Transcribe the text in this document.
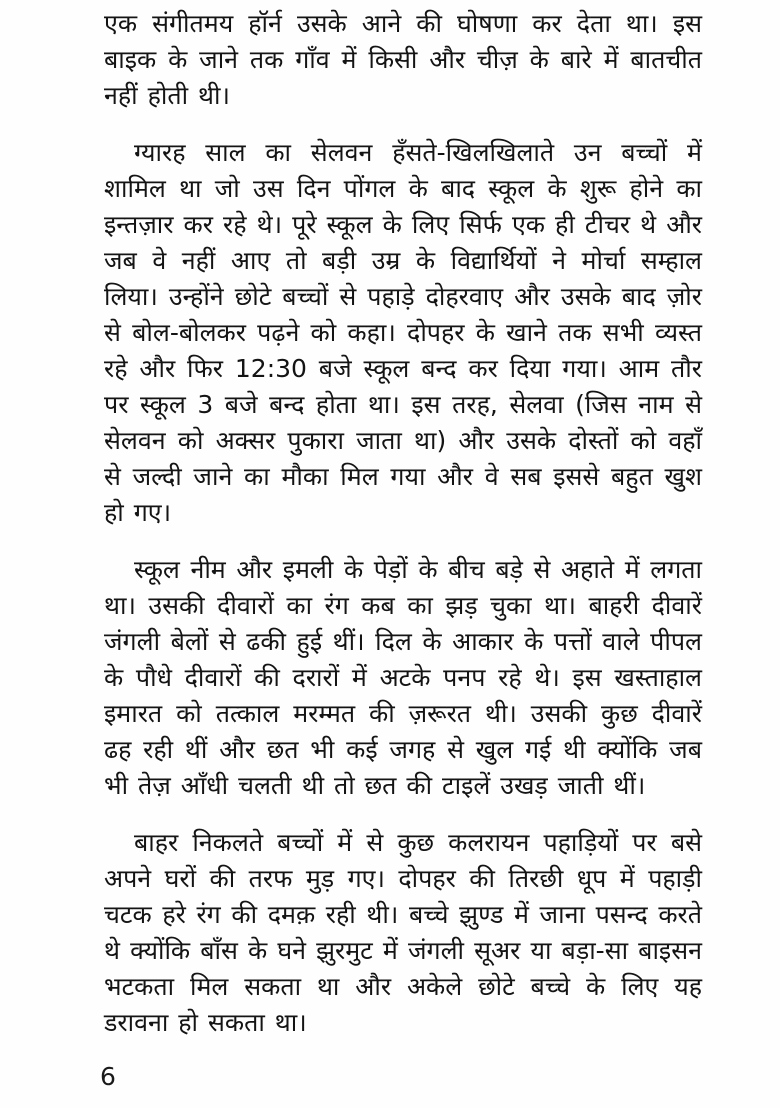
एक संगीतमय हॉर्न उसके आने की घोषणा कर देता था। इस बाइक के जाने तक गाँव में किसी और चीज़ के बारे में बातचीत नहीं होती थी।

ग्यारह साल का सेलवन हँसते-खिलखिलाते उन बच्चों में शामिल था जो उस दिन पोंगल के बाद स्कूल के शुरू होने का इन्तज़ार कर रहे थे। पूरे स्कूल के लिए सिर्फ एक ही टीचर थे और जब वे नहीं आए तो बड़ी उम्र के विद्यार्थियों ने मोर्चा सम्हाल लिया। उन्होंने छोटे बच्चों से पहाड़े दोहरवाए और उसके बाद ज़ोर से बोल-बोलकर पढ़ने को कहा। दोपहर के खाने तक सभी व्यस्त रहे और फिर 12:30 बजे स्कूल बन्द कर दिया गया। आम तौर पर स्कूल 3 बजे बन्द होता था। इस तरह, सेलवा (जिस नाम से सेलवन को अक्सर पुकारा जाता था) और उसके दोस्तों को वहाँ से जल्दी जाने का मौका मिल गया और वे सब इससे बहुत खुश हो गए।

स्कूल नीम और इमली के पेड़ों के बीच बड़े से अहाते में लगता था। उसकी दीवारों का रंग कब का झड़ चुका था। बाहरी दीवारें जंगली बेलों से ढकी हुई थीं। दिल के आकार के पत्तों वाले पीपल के पौधे दीवारों की दरारों में अटके पनप रहे थे। इस खस्ताहाल इमारत को तत्काल मरम्मत की ज़रूरत थी। उसकी कुछ दीवारें ढह रही थीं और छत भी कई जगह से खुल गई थी क्योंकि जब भी तेज़ आँधी चलती थी तो छत की टाइलें उखड़ जाती थीं।

बाहर निकलते बच्चों में से कुछ कलरायन पहाड़ियों पर बसे अपने घरों की तरफ मुड़ गए। दोपहर की तिरछी धूप में पहाड़ी चटक हरे रंग की दमक़ रही थी। बच्चे झुण्ड में जाना पसन्द करते थे क्योंकि बाँस के घने झुरमुट में जंगली सूअर या बड़ा-सा बाइसन भटकता मिल सकता था और अकेले छोटे बच्चे के लिए यह डरावना हो सकता था।

6
